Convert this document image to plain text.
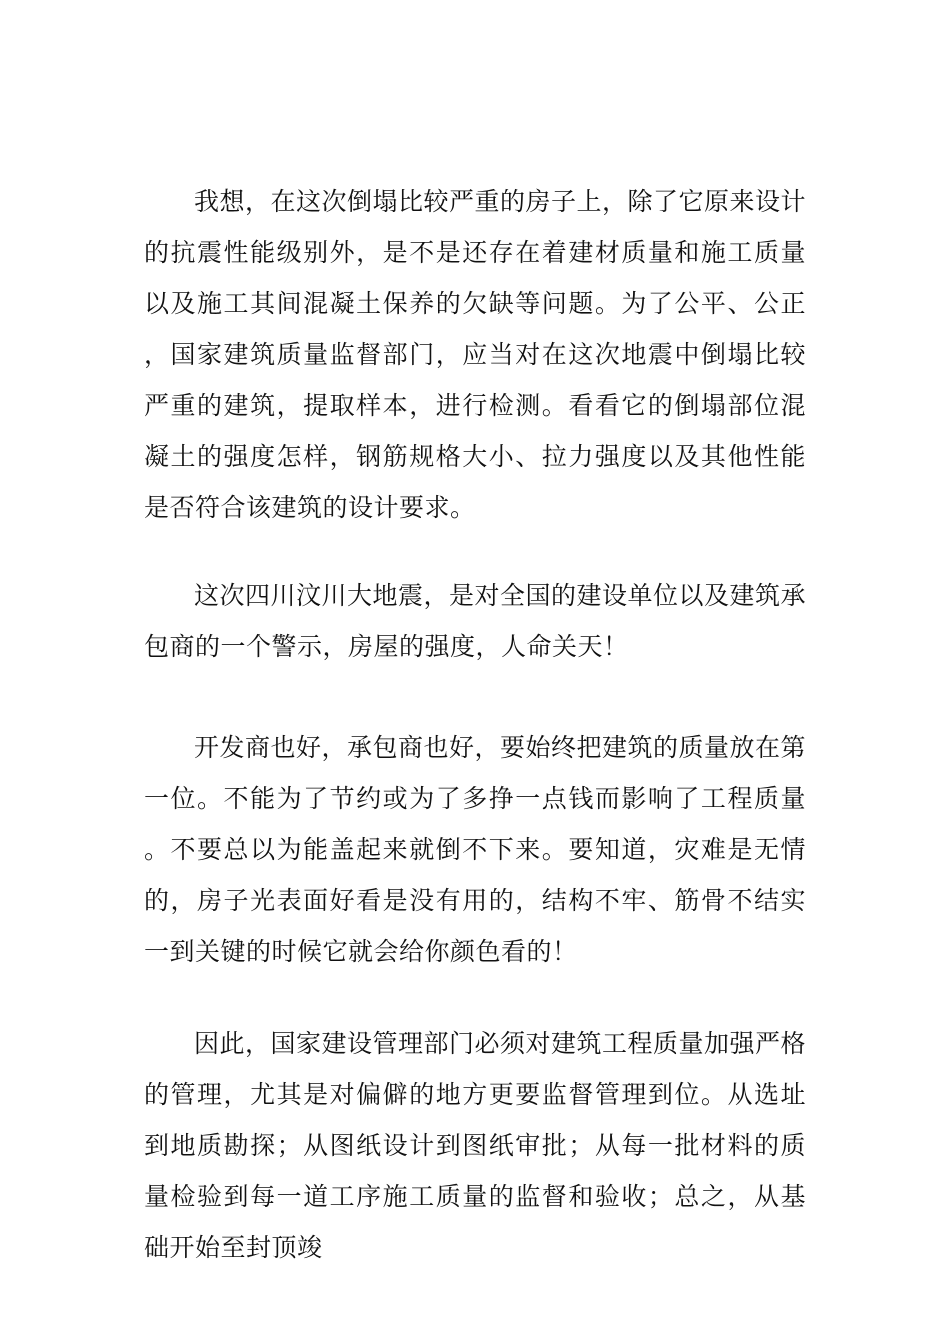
我想，在这次倒塌比较严重的房子上，除了它原来设计的抗震性能级别外，是不是还存在着建材质量和施工质量以及施工其间混凝土保养的欠缺等问题。为了公平、公正，国家建筑质量监督部门，应当对在这次地震中倒塌比较严重的建筑，提取样本，进行检测。看看它的倒塌部位混凝土的强度怎样，钢筋规格大小、拉力强度以及其他性能是否符合该建筑的设计要求。

这次四川汶川大地震，是对全国的建设单位以及建筑承包商的一个警示，房屋的强度，人命关天！

开发商也好，承包商也好，要始终把建筑的质量放在第一位。不能为了节约或为了多挣一点钱而影响了工程质量。不要总以为能盖起来就倒不下来。要知道，灾难是无情的，房子光表面好看是没有用的，结构不牢、筋骨不结实一到关键的时候它就会给你颜色看的！

因此，国家建设管理部门必须对建筑工程质量加强严格的管理，尤其是对偏僻的地方更要监督管理到位。从选址到地质勘探；从图纸设计到图纸审批；从每一批材料的质量检验到每一道工序施工质量的监督和验收；总之，从基础开始至封顶竣
